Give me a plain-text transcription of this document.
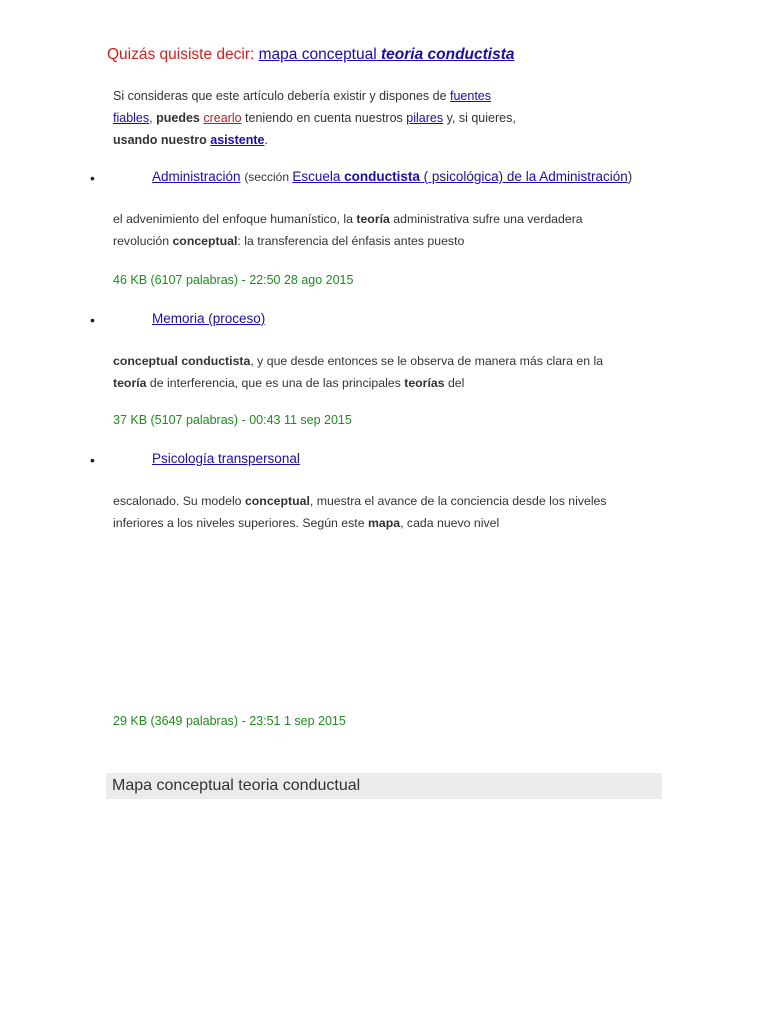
Quizás quisiste decir: mapa conceptual teoria conductista
Si consideras que este artículo debería existir y dispones de fuentes fiables, puedes crearlo teniendo en cuenta nuestros pilares y, si quieres, usando nuestro asistente.
•	Administración (sección Escuela conductista ( psicológica) de la Administración)
el advenimiento del enfoque humanístico, la teoría administrativa sufre una verdadera revolución conceptual: la transferencia del énfasis antes puesto
46 KB (6107 palabras) - 22:50 28 ago 2015
•	Memoria (proceso)
conceptual conductista, y que desde entonces se le observa de manera más clara en la teoría de interferencia, que es una de las principales teorías del
37 KB (5107 palabras) - 00:43 11 sep 2015
•	Psicología transpersonal
escalonado. Su modelo conceptual, muestra el avance de la conciencia desde los niveles inferiores a los niveles superiores. Según este mapa, cada nuevo nivel
29 KB (3649 palabras) - 23:51 1 sep 2015
Mapa conceptual teoria conductual
